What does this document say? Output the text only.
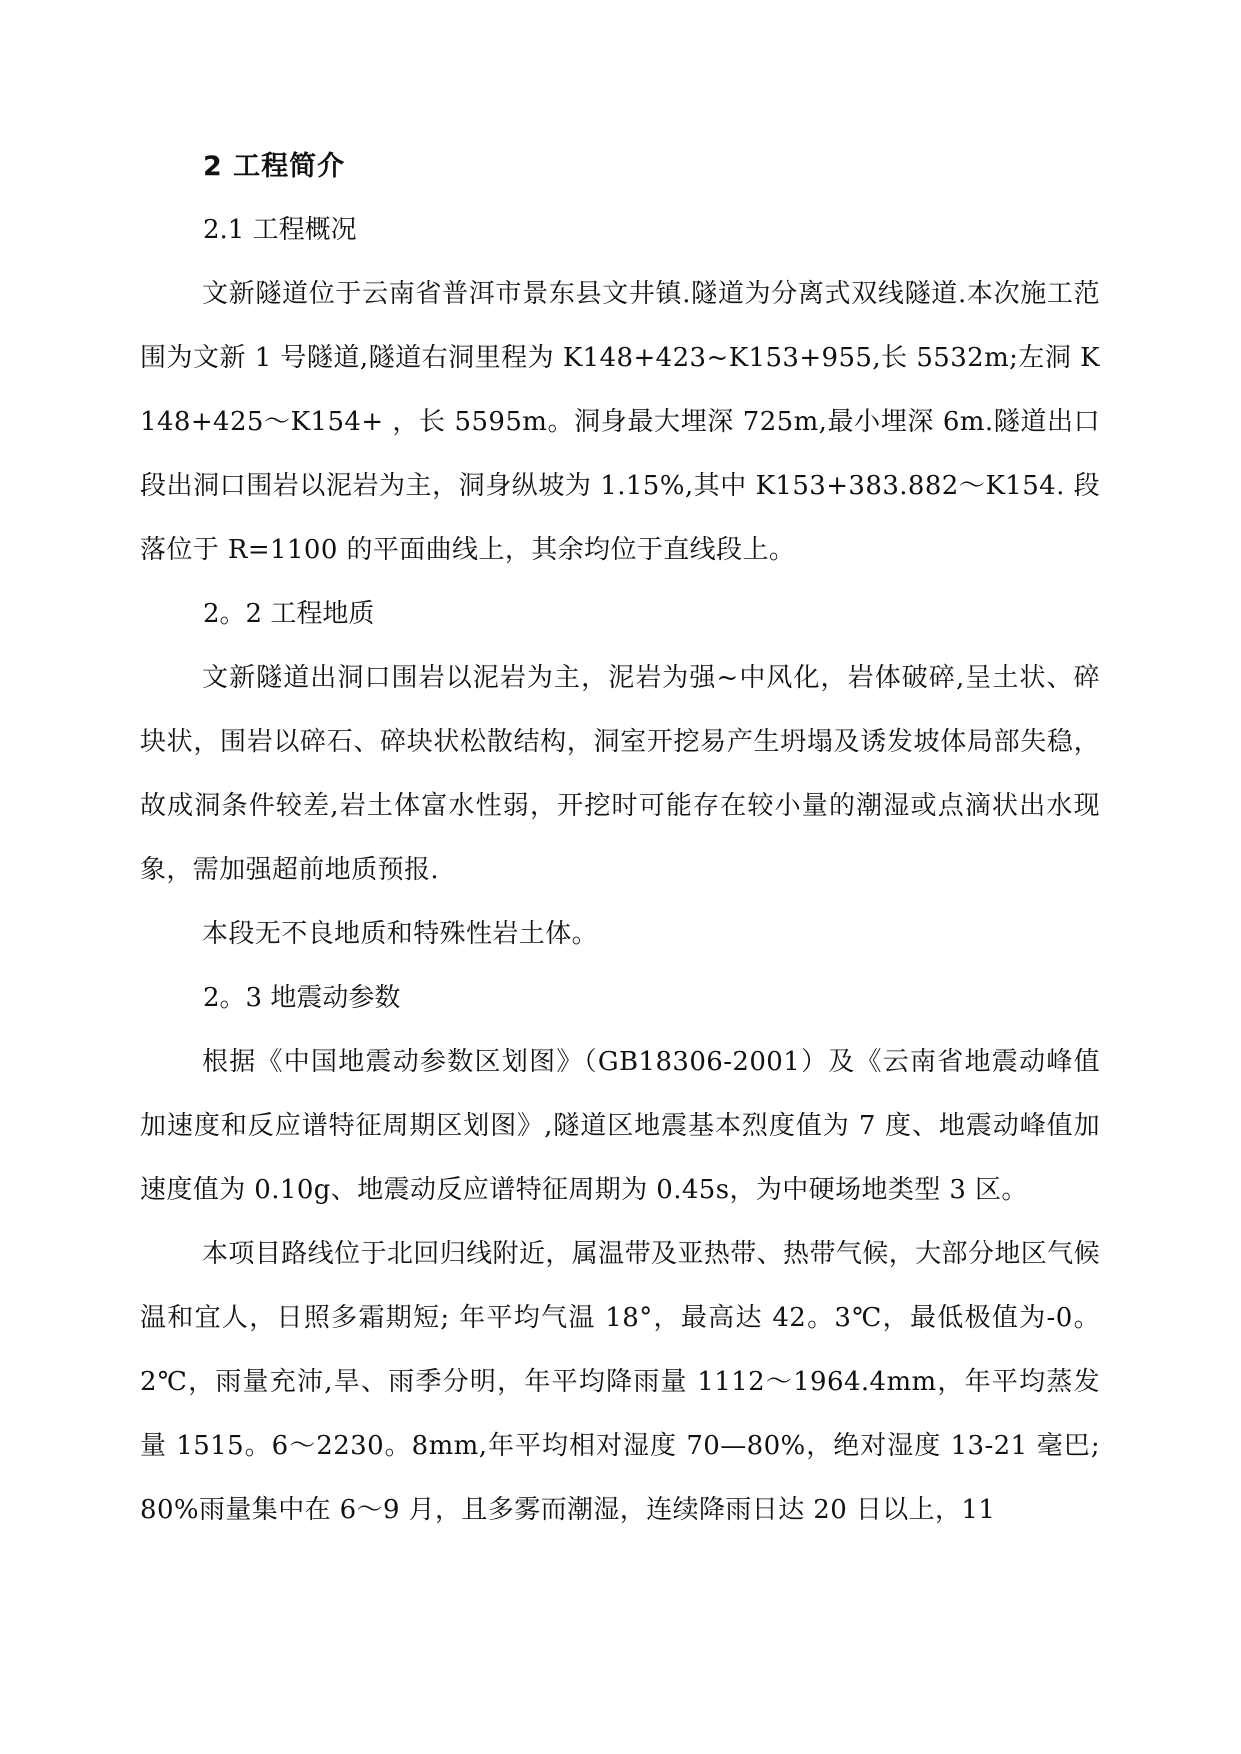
2 工程简介
2.1 工程概况

文新隧道位于云南省普洱市景东县文井镇.隧道为分离式双线隧道.本次施工范围为文新 1 号隧道,隧道右洞里程为 K148+423~K153+955,长 5532m;左洞 K148+425～K154+ ，长 5595m。洞身最大埋深 725m,最小埋深 6m.隧道出口段出洞口围岩以泥岩为主，洞身纵坡为 1.15%,其中 K153+383.882～K154. 段落位于 R=1100 的平面曲线上，其余均位于直线段上。

2。2 工程地质

文新隧道出洞口围岩以泥岩为主，泥岩为强~中风化，岩体破碎,呈土状、碎块状，围岩以碎石、碎块状松散结构，洞室开挖易产生坍塌及诱发坡体局部失稳，故成洞条件较差,岩土体富水性弱，开挖时可能存在较小量的潮湿或点滴状出水现象，需加强超前地质预报.

本段无不良地质和特殊性岩土体。

2。3 地震动参数

根据《中国地震动参数区划图》（GB18306-2001）及《云南省地震动峰值加速度和反应谱特征周期区划图》,隧道区地震基本烈度值为 7 度、地震动峰值加速度值为 0.10g、地震动反应谱特征周期为 0.45s，为中硬场地类型 3 区。

本项目路线位于北回归线附近，属温带及亚热带、热带气候，大部分地区气候温和宜人，日照多霜期短; 年平均气温 18°，最高达 42。3℃，最低极值为-0。2℃，雨量充沛,旱、雨季分明，年平均降雨量 1112～1964.4mm，年平均蒸发量 1515。6～2230。8mm,年平均相对湿度 70—80%，绝对湿度 13-21 毫巴;80%雨量集中在 6～9 月，且多雾而潮湿，连续降雨日达 20 日以上，11
